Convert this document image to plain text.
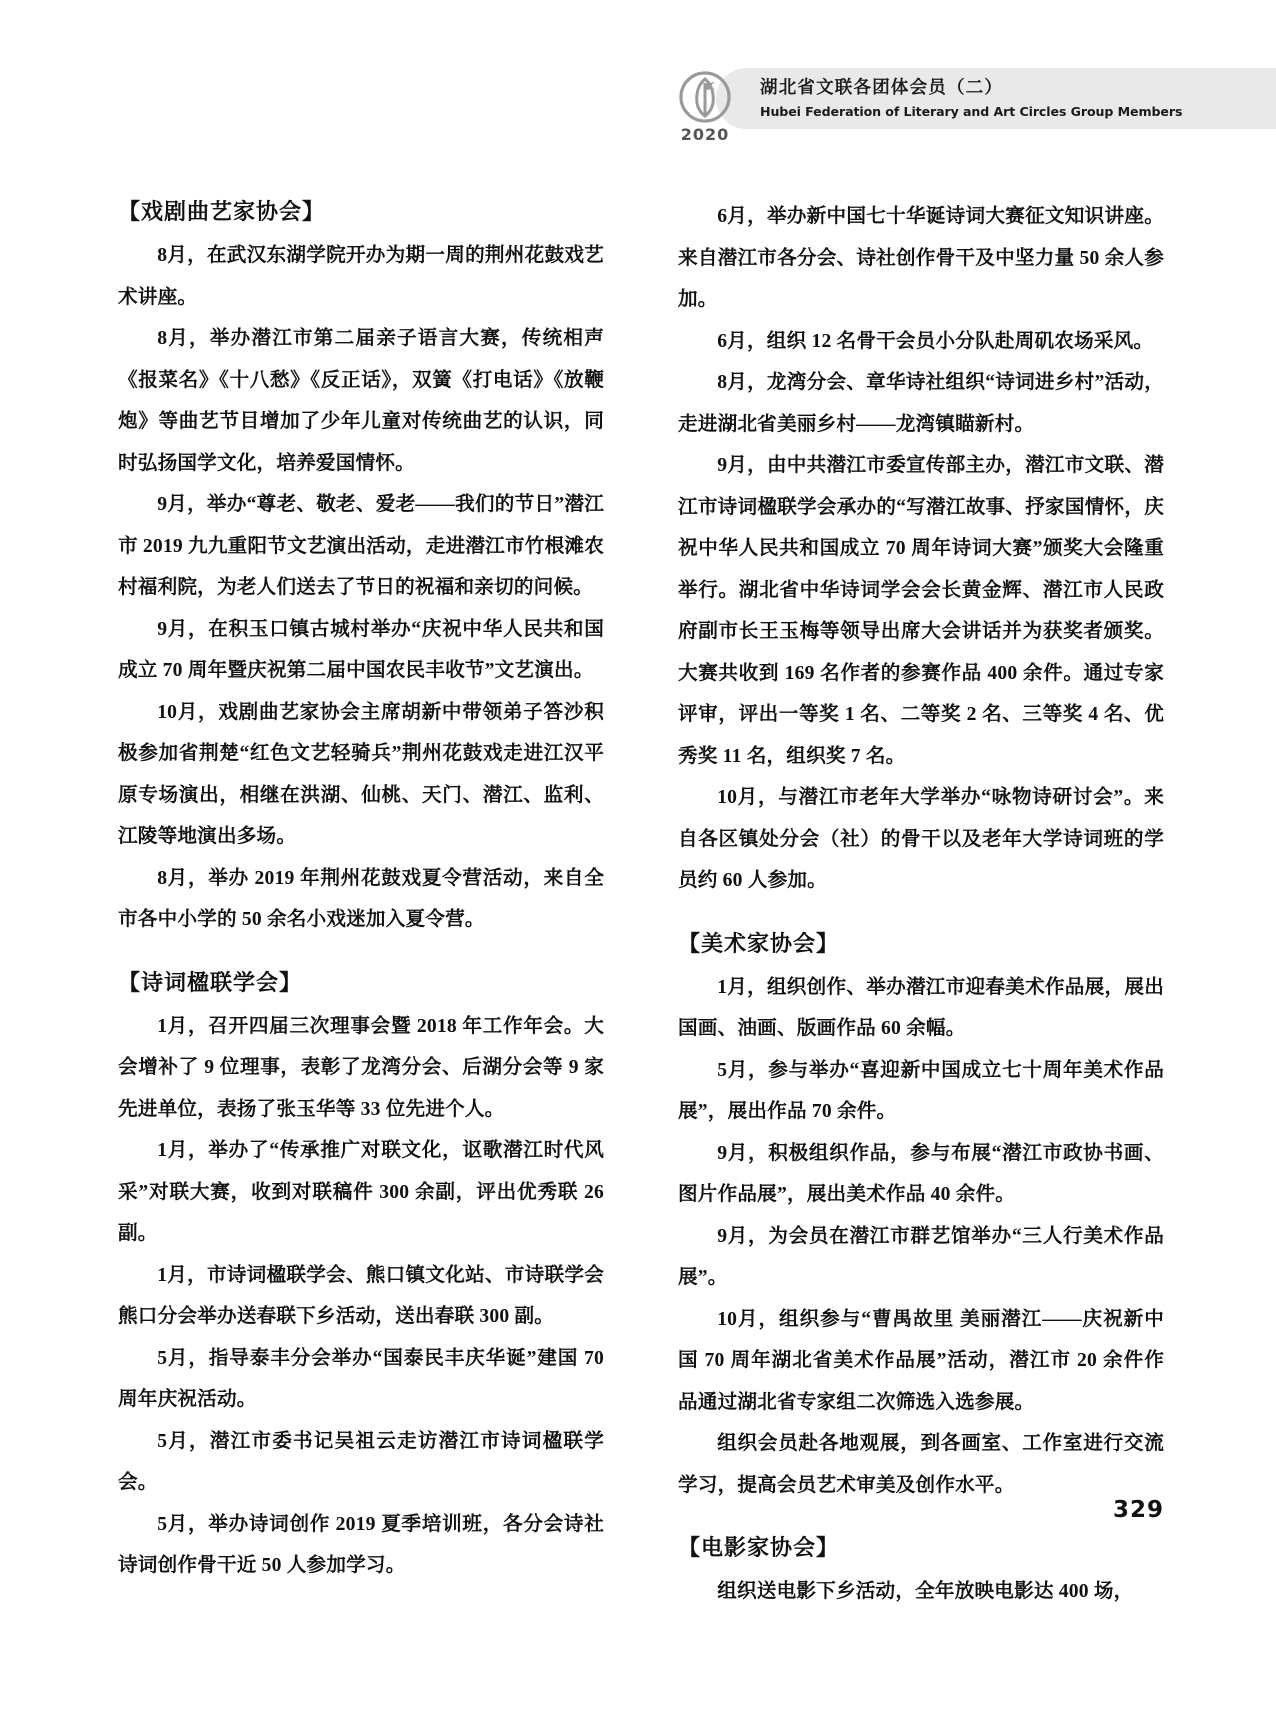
2020
湖北省文联各团体会员（二）
Hubei Federation of Literary and Art Circles Group Members
【戏剧曲艺家协会】

8月，在武汉东湖学院开办为期一周的荆州花鼓戏艺术讲座。

8月，举办潜江市第二届亲子语言大赛，传统相声《报菜名》《十八愁》《反正话》，双簧《打电话》《放鞭炮》等曲艺节目增加了少年儿童对传统曲艺的认识，同时弘扬国学文化，培养爱国情怀。

9月，举办“尊老、敬老、爱老——我们的节日”潜江市 2019 九九重阳节文艺演出活动，走进潜江市竹根滩农村福利院，为老人们送去了节日的祝福和亲切的问候。

9月，在积玉口镇古城村举办“庆祝中华人民共和国成立 70 周年暨庆祝第二届中国农民丰收节”文艺演出。

10月，戏剧曲艺家协会主席胡新中带领弟子答沙积极参加省荆楚“红色文艺轻骑兵”荆州花鼓戏走进江汉平原专场演出，相继在洪湖、仙桃、天门、潜江、监利、江陵等地演出多场。

8月，举办 2019 年荆州花鼓戏夏令营活动，来自全市各中小学的 50 余名小戏迷加入夏令营。

【诗词楹联学会】

1月，召开四届三次理事会暨 2018 年工作年会。大会增补了 9 位理事，表彰了龙湾分会、后湖分会等 9 家先进单位，表扬了张玉华等 33 位先进个人。

1月，举办了“传承推广对联文化，讴歌潜江时代风采”对联大赛，收到对联稿件 300 余副，评出优秀联 26 副。

1月，市诗词楹联学会、熊口镇文化站、市诗联学会熊口分会举办送春联下乡活动，送出春联 300 副。

5月，指导泰丰分会举办“国泰民丰庆华诞”建国 70 周年庆祝活动。

5月，潜江市委书记吴祖云走访潜江市诗词楹联学会。

5月，举办诗词创作 2019 夏季培训班，各分会诗社诗词创作骨干近 50 人参加学习。

6月，举办新中国七十华诞诗词大赛征文知识讲座。来自潜江市各分会、诗社创作骨干及中坚力量 50 余人参加。

6月，组织 12 名骨干会员小分队赴周矶农场采风。

8月，龙湾分会、章华诗社组织“诗词进乡村”活动，走进湖北省美丽乡村——龙湾镇瞄新村。

9月，由中共潜江市委宣传部主办，潜江市文联、潜江市诗词楹联学会承办的“写潜江故事、抒家国情怀，庆祝中华人民共和国成立 70 周年诗词大赛”颁奖大会隆重举行。湖北省中华诗词学会会长黄金辉、潜江市人民政府副市长王玉梅等领导出席大会讲话并为获奖者颁奖。大赛共收到 169 名作者的参赛作品 400 余件。通过专家评审，评出一等奖 1 名、二等奖 2 名、三等奖 4 名、优秀奖 11 名，组织奖 7 名。

10月，与潜江市老年大学举办“咏物诗研讨会”。来自各区镇处分会（社）的骨干以及老年大学诗词班的学员约 60 人参加。

【美术家协会】

1月，组织创作、举办潜江市迎春美术作品展，展出国画、油画、版画作品 60 余幅。

5月，参与举办“喜迎新中国成立七十周年美术作品展”，展出作品 70 余件。

9月，积极组织作品，参与布展“潜江市政协书画、图片作品展”，展出美术作品 40 余件。

9月，为会员在潜江市群艺馆举办“三人行美术作品展”。

10月，组织参与“曹禺故里 美丽潜江——庆祝新中国 70 周年湖北省美术作品展”活动，潜江市 20 余件作品通过湖北省专家组二次筛选入选参展。

组织会员赴各地观展，到各画室、工作室进行交流学习，提高会员艺术审美及创作水平。

【电影家协会】

组织送电影下乡活动，全年放映电影达 400 场，

329
